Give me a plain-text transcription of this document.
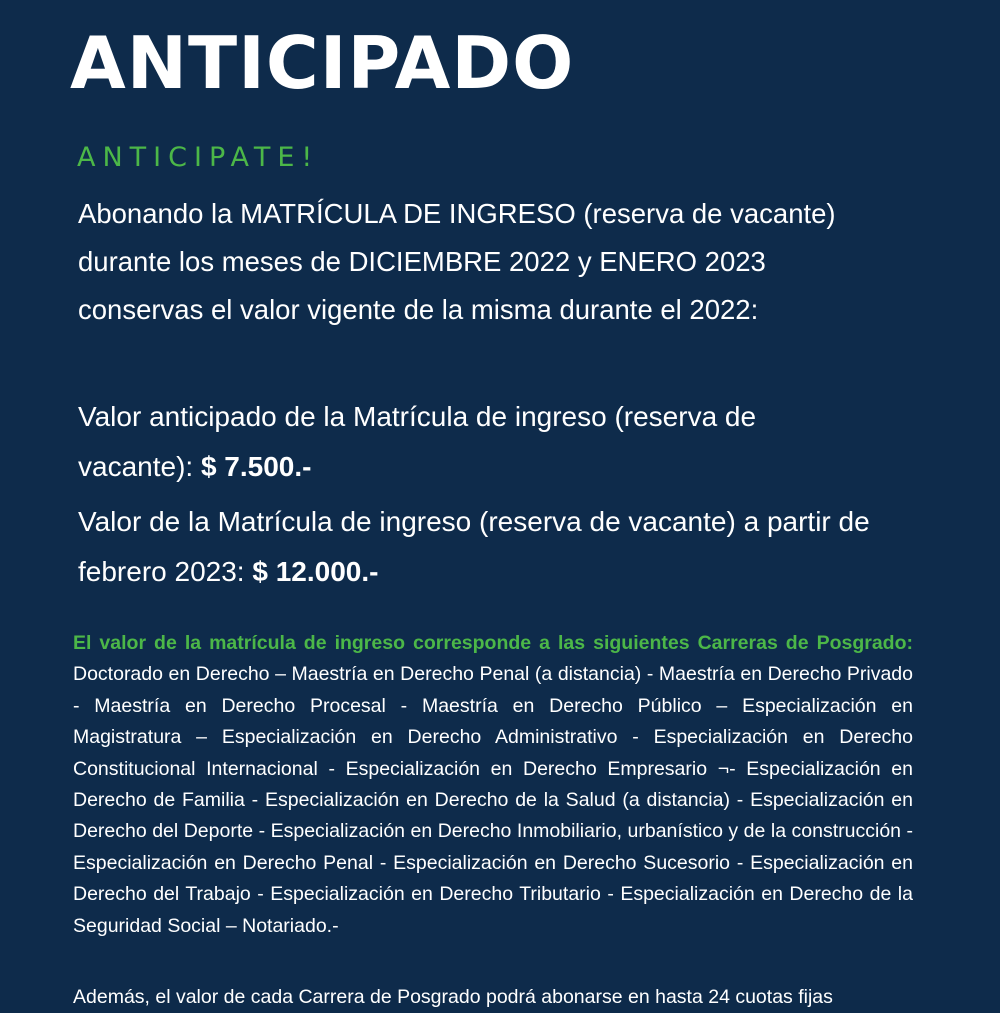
ANTICIPADO
ANTICIPATE!

Abonando la MATRÍCULA DE INGRESO (reserva de vacante) durante los meses de DICIEMBRE 2022 y ENERO 2023 conservas el valor vigente de la misma durante el 2022:

Valor anticipado de la Matrícula de ingreso (reserva de vacante): $ 7.500.-

Valor de la Matrícula de ingreso (reserva de vacante) a partir de febrero 2023: $ 12.000.-

El valor de la matrícula de ingreso corresponde a las siguientes Carreras de Posgrado: Doctorado en Derecho – Maestría en Derecho Penal (a distancia) - Maestría en Derecho Privado - Maestría en Derecho Procesal - Maestría en Derecho Público – Especialización en Magistratura – Especialización en Derecho Administrativo - Especialización en Derecho Constitucional Internacional - Especialización en Derecho Empresario ¬- Especialización en Derecho de Familia - Especialización en Derecho de la Salud (a distancia) - Especialización en Derecho del Deporte - Especialización en Derecho Inmobiliario, urbanístico y de la construcción - Especialización en Derecho Penal - Especialización en Derecho Sucesorio - Especialización en Derecho del Trabajo - Especialización en Derecho Tributario - Especialización en Derecho de la Seguridad Social – Notariado.-

Además, el valor de cada Carrera de Posgrado podrá abonarse en hasta 24 cuotas fijas
